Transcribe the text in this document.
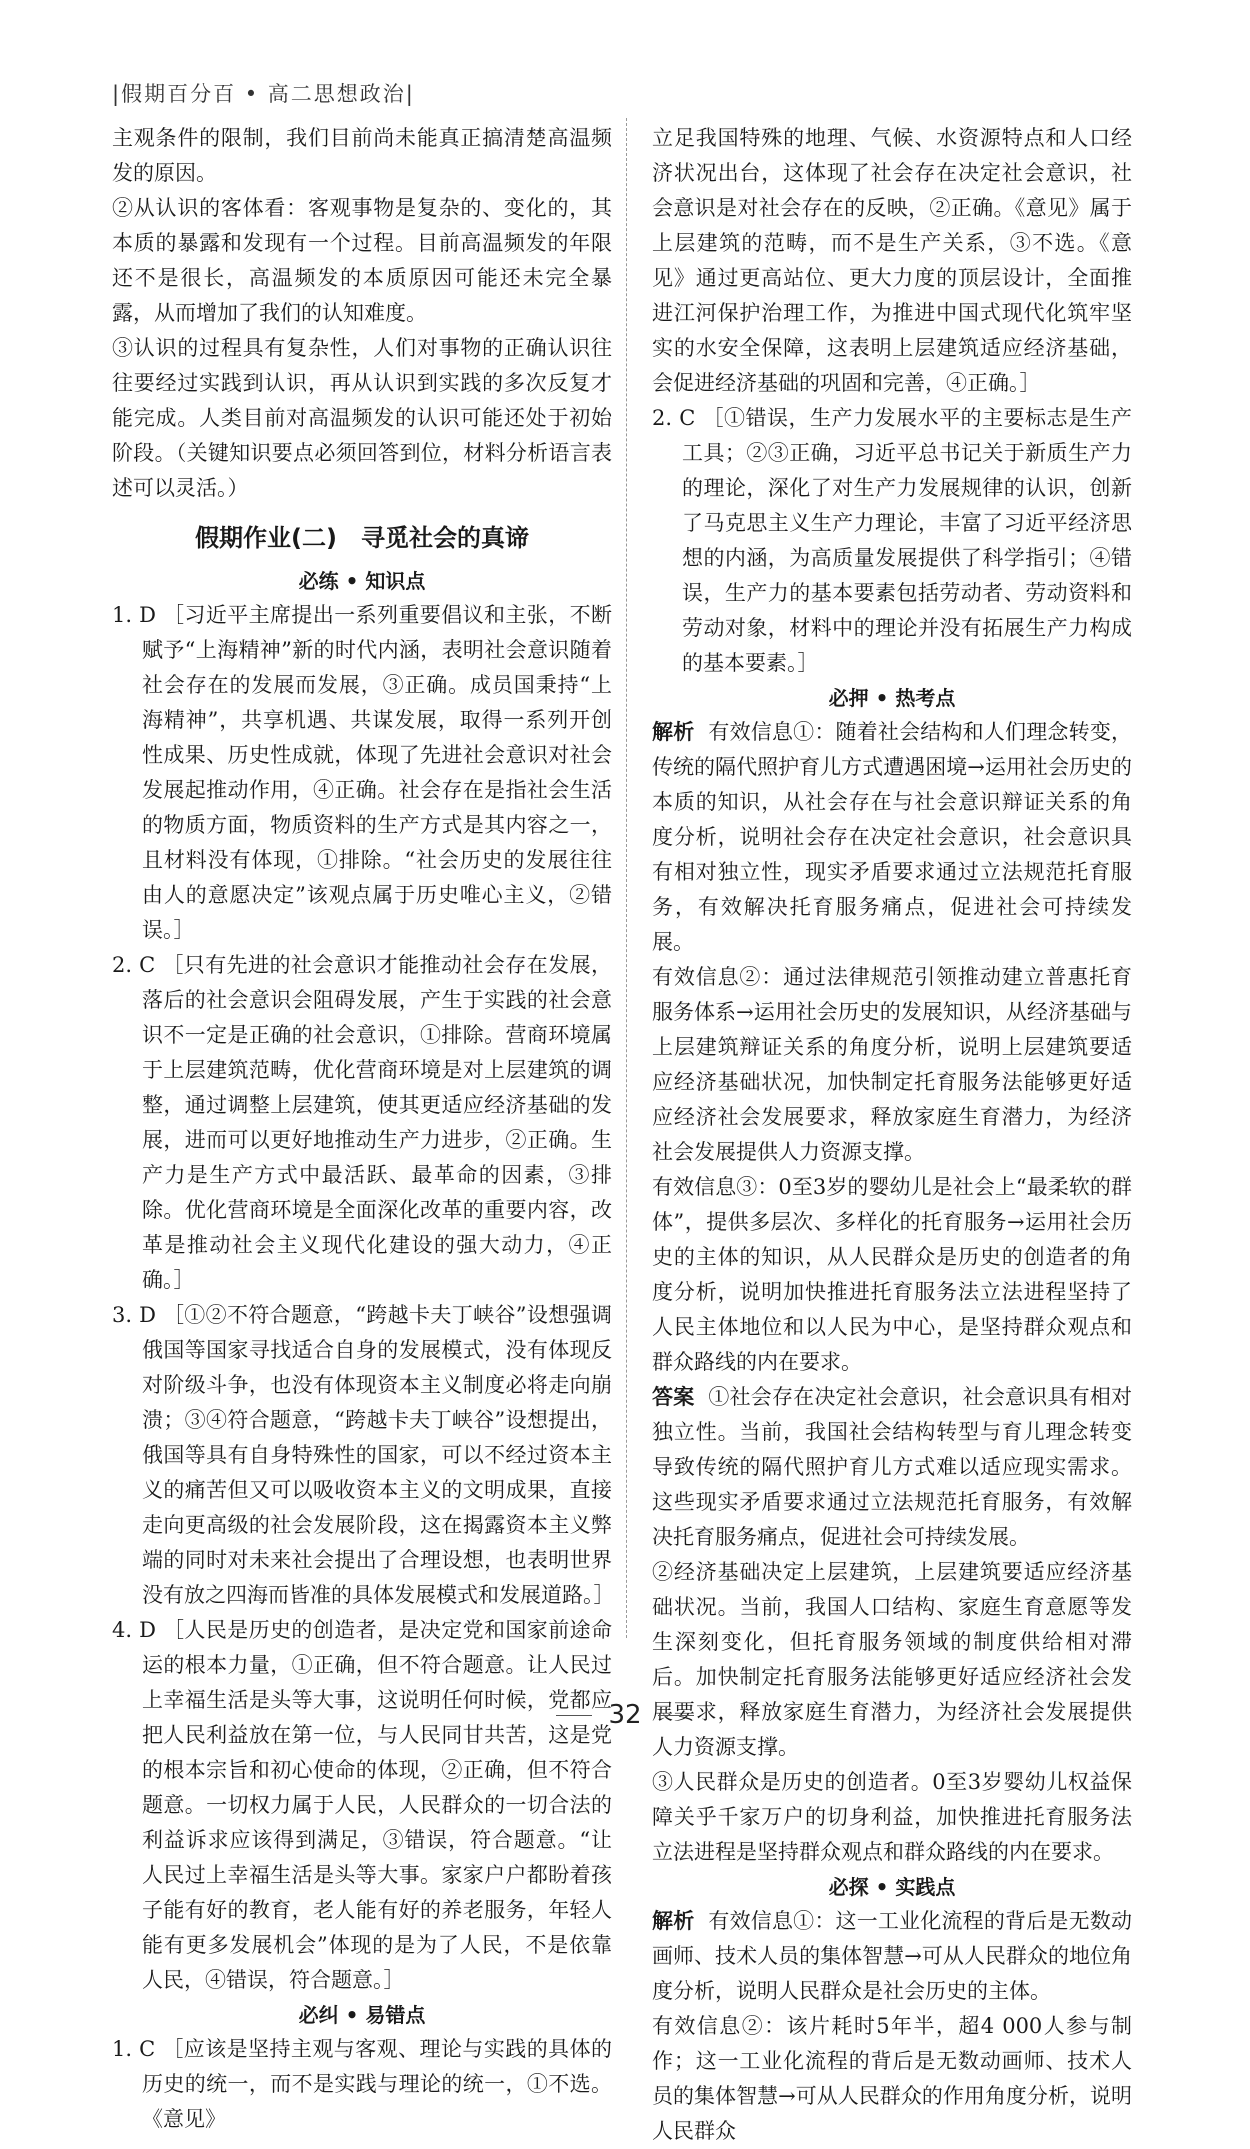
|假期百分百 • 高二思想政治|

主观条件的限制，我们目前尚未能真正搞清楚高温频发的原因。

②从认识的客体看：客观事物是复杂的、变化的，其本质的暴露和发现有一个过程。目前高温频发的年限还不是很长，高温频发的本质原因可能还未完全暴露，从而增加了我们的认知难度。

③认识的过程具有复杂性，人们对事物的正确认识往往要经过实践到认识，再从认识到实践的多次反复才能完成。人类目前对高温频发的认识可能还处于初始阶段。（关键知识要点必须回答到位，材料分析语言表述可以灵活。）

假期作业(二)　寻觅社会的真谛
必练 • 知识点

1. D ［习近平主席提出一系列重要倡议和主张，不断赋予“上海精神”新的时代内涵，表明社会意识随着社会存在的发展而发展，③正确。成员国秉持“上海精神”，共享机遇、共谋发展，取得一系列开创性成果、历史性成就，体现了先进社会意识对社会发展起推动作用，④正确。社会存在是指社会生活的物质方面，物质资料的生产方式是其内容之一，且材料没有体现，①排除。“社会历史的发展往往由人的意愿决定”该观点属于历史唯心主义，②错误。］

2. C ［只有先进的社会意识才能推动社会存在发展，落后的社会意识会阻碍发展，产生于实践的社会意识不一定是正确的社会意识，①排除。营商环境属于上层建筑范畴，优化营商环境是对上层建筑的调整，通过调整上层建筑，使其更适应经济基础的发展，进而可以更好地推动生产力进步，②正确。生产力是生产方式中最活跃、最革命的因素，③排除。优化营商环境是全面深化改革的重要内容，改革是推动社会主义现代化建设的强大动力，④正确。］

3. D ［①②不符合题意，“跨越卡夫丁峡谷”设想强调俄国等国家寻找适合自身的发展模式，没有体现反对阶级斗争，也没有体现资本主义制度必将走向崩溃；③④符合题意，“跨越卡夫丁峡谷”设想提出，俄国等具有自身特殊性的国家，可以不经过资本主义的痛苦但又可以吸收资本主义的文明成果，直接走向更高级的社会发展阶段，这在揭露资本主义弊端的同时对未来社会提出了合理设想，也表明世界没有放之四海而皆准的具体发展模式和发展道路。］

4. D ［人民是历史的创造者，是决定党和国家前途命运的根本力量，①正确，但不符合题意。让人民过上幸福生活是头等大事，这说明任何时候，党都应把人民利益放在第一位，与人民同甘共苦，这是党的根本宗旨和初心使命的体现，②正确，但不符合题意。一切权力属于人民，人民群众的一切合法的利益诉求应该得到满足，③错误，符合题意。“让人民过上幸福生活是头等大事。家家户户都盼着孩子能有好的教育，老人能有好的养老服务，年轻人能有更多发展机会”体现的是为了人民，不是依靠人民，④错误，符合题意。］

必纠 • 易错点

1. C ［应该是坚持主观与客观、理论与实践的具体的历史的统一，而不是实践与理论的统一，①不选。《意见》

立足我国特殊的地理、气候、水资源特点和人口经济状况出台，这体现了社会存在决定社会意识，社会意识是对社会存在的反映，②正确。《意见》属于上层建筑的范畴，而不是生产关系，③不选。《意见》通过更高站位、更大力度的顶层设计，全面推进江河保护治理工作，为推进中国式现代化筑牢坚实的水安全保障，这表明上层建筑适应经济基础，会促进经济基础的巩固和完善，④正确。］

2. C ［①错误，生产力发展水平的主要标志是生产工具；②③正确，习近平总书记关于新质生产力的理论，深化了对生产力发展规律的认识，创新了马克思主义生产力理论，丰富了习近平经济思想的内涵，为高质量发展提供了科学指引；④错误，生产力的基本要素包括劳动者、劳动资料和劳动对象，材料中的理论并没有拓展生产力构成的基本要素。］

必押 • 热考点

解析 有效信息①：随着社会结构和人们理念转变，传统的隔代照护育儿方式遭遇困境→运用社会历史的本质的知识，从社会存在与社会意识辩证关系的角度分析，说明社会存在决定社会意识，社会意识具有相对独立性，现实矛盾要求通过立法规范托育服务，有效解决托育服务痛点，促进社会可持续发展。

有效信息②：通过法律规范引领推动建立普惠托育服务体系→运用社会历史的发展知识，从经济基础与上层建筑辩证关系的角度分析，说明上层建筑要适应经济基础状况，加快制定托育服务法能够更好适应经济社会发展要求，释放家庭生育潜力，为经济社会发展提供人力资源支撑。

有效信息③：0至3岁的婴幼儿是社会上“最柔软的群体”，提供多层次、多样化的托育服务→运用社会历史的主体的知识，从人民群众是历史的创造者的角度分析，说明加快推进托育服务法立法进程坚持了人民主体地位和以人民为中心，是坚持群众观点和群众路线的内在要求。

答案 ①社会存在决定社会意识，社会意识具有相对独立性。当前，我国社会结构转型与育儿理念转变导致传统的隔代照护育儿方式难以适应现实需求。这些现实矛盾要求通过立法规范托育服务，有效解决托育服务痛点，促进社会可持续发展。

②经济基础决定上层建筑，上层建筑要适应经济基础状况。当前，我国人口结构、家庭生育意愿等发生深刻变化，但托育服务领域的制度供给相对滞后。加快制定托育服务法能够更好适应经济社会发展要求，释放家庭生育潜力，为经济社会发展提供人力资源支撑。

③人民群众是历史的创造者。0至3岁婴幼儿权益保障关乎千家万户的切身利益，加快推进托育服务法立法进程是坚持群众观点和群众路线的内在要求。

必探 • 实践点

解析 有效信息①：这一工业化流程的背后是无数动画师、技术人员的集体智慧→可从人民群众的地位角度分析，说明人民群众是社会历史的主体。

有效信息②：该片耗时5年半，超4 000人参与制作；这一工业化流程的背后是无数动画师、技术人员的集体智慧→可从人民群众的作用角度分析，说明人民群众

32
